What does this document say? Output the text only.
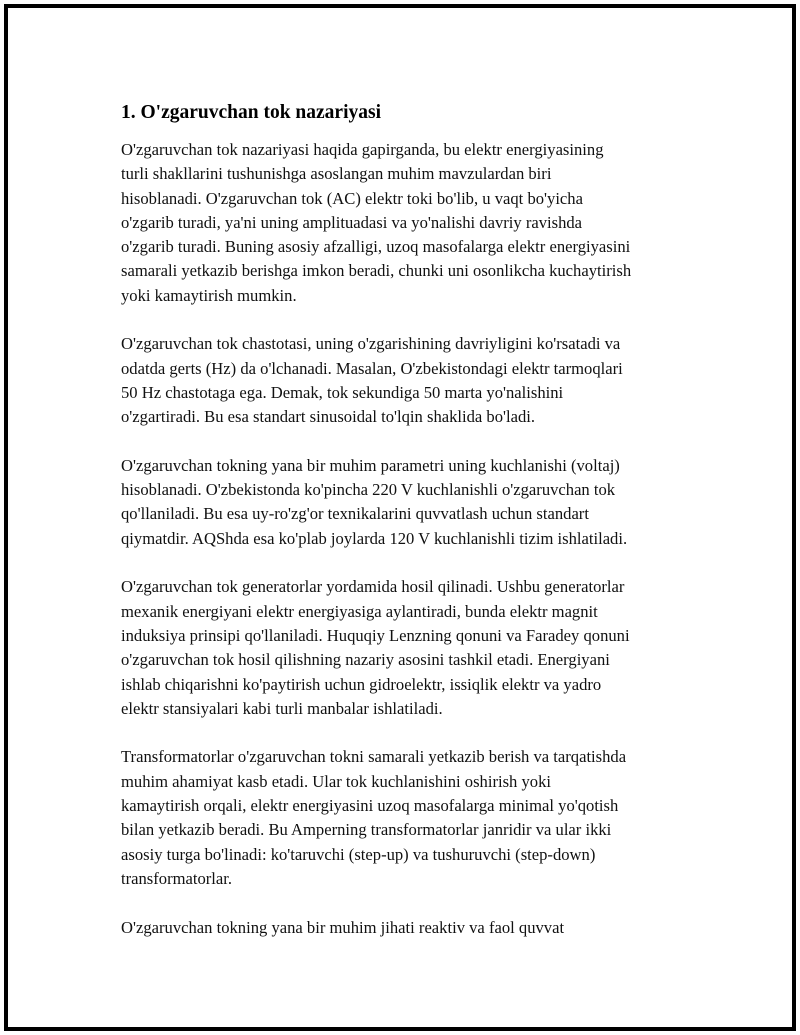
1. O'zgaruvchan tok nazariyasi

O'zgaruvchan tok nazariyasi haqida gapirganda, bu elektr energiyasining
turli shakllarini tushunishga asoslangan muhim mavzulardan biri
hisoblanadi. O'zgaruvchan tok (AC) elektr toki bo'lib, u vaqt bo'yicha
o'zgarib turadi, ya'ni uning amplituadasi va yo'nalishi davriy ravishda
o'zgarib turadi. Buning asosiy afzalligi, uzoq masofalarga elektr energiyasini
samarali yetkazib berishga imkon beradi, chunki uni osonlikcha kuchaytirish
yoki kamaytirish mumkin.

O'zgaruvchan tok chastotasi, uning o'zgarishining davriyligini ko'rsatadi va
odatda gerts (Hz) da o'lchanadi. Masalan, O'zbekistondagi elektr tarmoqlari
50 Hz chastotaga ega. Demak, tok sekundiga 50 marta yo'nalishini
o'zgartiradi. Bu esa standart sinusoidal to'lqin shaklida bo'ladi.

O'zgaruvchan tokning yana bir muhim parametri uning kuchlanishi (voltaj)
hisoblanadi. O'zbekistonda ko'pincha 220 V kuchlanishli o'zgaruvchan tok
qo'llaniladi. Bu esa uy-ro'zg'or texnikalarini quvvatlash uchun standart
qiymatdir. AQShda esa ko'plab joylarda 120 V kuchlanishli tizim ishlatiladi.

O'zgaruvchan tok generatorlar yordamida hosil qilinadi. Ushbu generatorlar
mexanik energiyani elektr energiyasiga aylantiradi, bunda elektr magnit
induksiya prinsipi qo'llaniladi. Huquqiy Lenzning qonuni va Faradey qonuni
o'zgaruvchan tok hosil qilishning nazariy asosini tashkil etadi. Energiyani
ishlab chiqarishni ko'paytirish uchun gidroelektr, issiqlik elektr va yadro
elektr stansiyalari kabi turli manbalar ishlatiladi.

Transformatorlar o'zgaruvchan tokni samarali yetkazib berish va tarqatishda
muhim ahamiyat kasb etadi. Ular tok kuchlanishini oshirish yoki
kamaytirish orqali, elektr energiyasini uzoq masofalarga minimal yo'qotish
bilan yetkazib beradi. Bu Amperning transformatorlar janridir va ular ikki
asosiy turga bo'linadi: ko'taruvchi (step-up) va tushuruvchi (step-down)
transformatorlar.

O'zgaruvchan tokning yana bir muhim jihati reaktiv va faol quvvat
